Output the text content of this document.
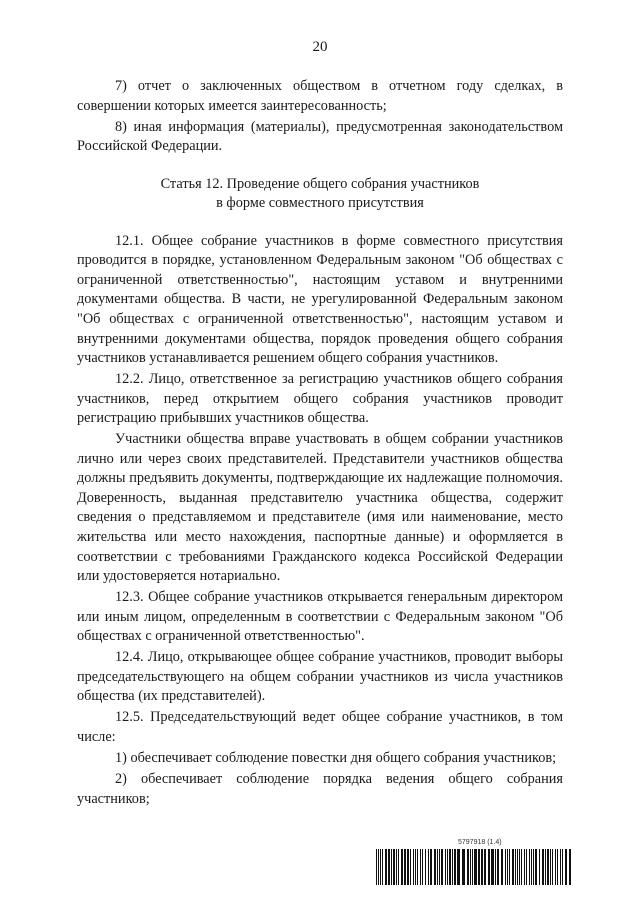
20

7) отчет о заключенных обществом в отчетном году сделках, в совершении которых имеется заинтересованность;

8) иная информация (материалы), предусмотренная законодательством Российской Федерации.

Статья 12. Проведение общего собрания участников
в форме совместного присутствия

12.1. Общее собрание участников в форме совместного присутствия проводится в порядке, установленном Федеральным законом "Об обществах с ограниченной ответственностью", настоящим уставом и внутренними документами общества. В части, не урегулированной Федеральным законом "Об обществах с ограниченной ответственностью", настоящим уставом и внутренними документами общества, порядок проведения общего собрания участников устанавливается решением общего собрания участников.

12.2. Лицо, ответственное за регистрацию участников общего собрания участников, перед открытием общего собрания участников проводит регистрацию прибывших участников общества.

Участники общества вправе участвовать в общем собрании участников лично или через своих представителей. Представители участников общества должны предъявить документы, подтверждающие их надлежащие полномочия. Доверенность, выданная представителю участника общества, содержит сведения о представляемом и представителе (имя или наименование, место жительства или место нахождения, паспортные данные) и оформляется в соответствии с требованиями Гражданского кодекса Российской Федерации или удостоверяется нотариально.

12.3. Общее собрание участников открывается генеральным директором или иным лицом, определенным в соответствии с Федеральным законом "Об обществах с ограниченной ответственностью".

12.4. Лицо, открывающее общее собрание участников, проводит выборы председательствующего на общем собрании участников из числа участников общества (их представителей).

12.5. Председательствующий ведет общее собрание участников, в том числе:

1) обеспечивает соблюдение повестки дня общего собрания участников;

2) обеспечивает соблюдение порядка ведения общего собрания участников;

5797918 (1.4)
